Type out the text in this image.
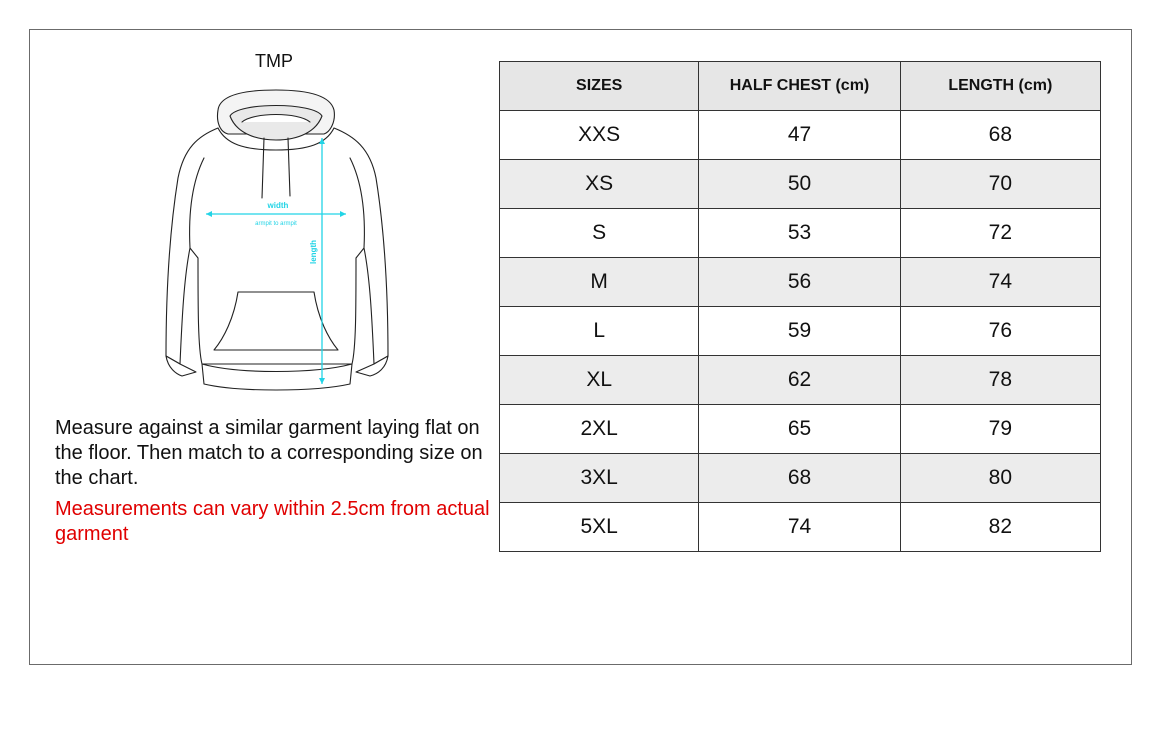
TMP
width
armpit to armpit
length

Measure against a similar garment laying flat on the floor. Then match to a corresponding size on the chart.

Measurements can vary within 2.5cm from actual garment

SIZES	HALF CHEST (cm)	LENGTH (cm)
XXS	47	68
XS	50	70
S	53	72
M	56	74
L	59	76
XL	62	78
2XL	65	79
3XL	68	80
5XL	74	82
